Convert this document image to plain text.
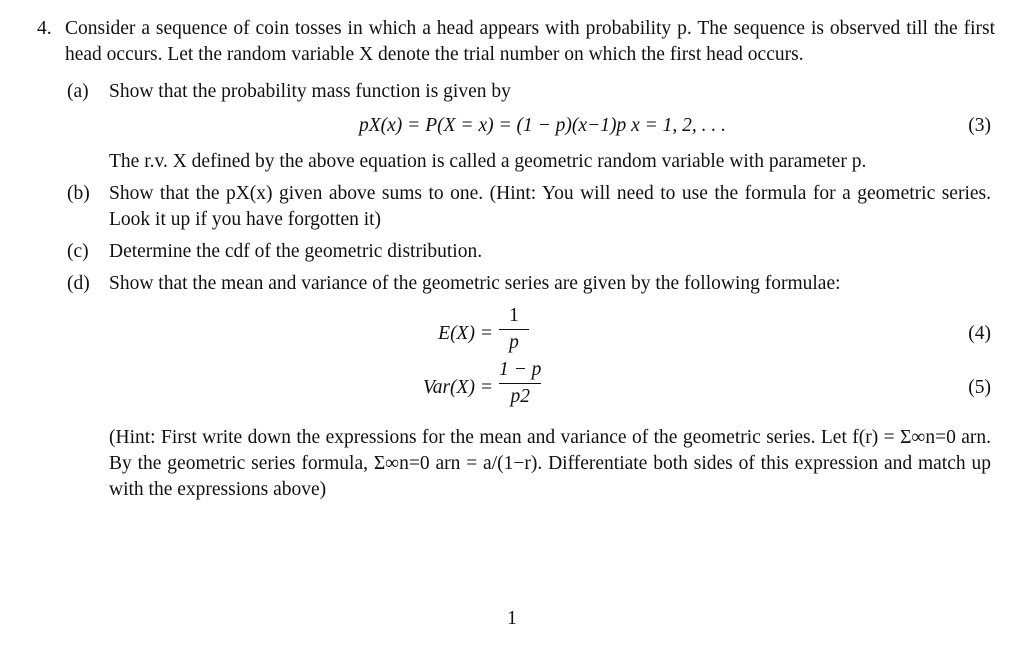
4. Consider a sequence of coin tosses in which a head appears with probability p. The sequence is observed till the first head occurs. Let the random variable X denote the trial number on which the first head occurs.
(a)	Show that the probability mass function is given by
pX(x) = P(X = x) = (1 − p)(x−1)p x = 1, 2, . . .	(3)
The r.v. X defined by the above equation is called a geometric random variable with parameter p.
(b) Show that the pX(x) given above sums to one. (Hint: You will need to use the formula for a geometric series. Look it up if you have forgotten it)
(c)	Determine the cdf of the geometric distribution.
(d) Show that the mean and variance of the geometric series are given by the following formulae:
E(X) =
1
p	(4)
Var(X) =
1 − p
p2	(5)
(Hint: First write down the expressions for the mean and variance of the geometric series. Let f(r) = Σ∞n=0 arn. By the geometric series formula, Σ∞n=0 arn = a/(1−r). Differentiate both sides of this expression and match up with the expressions above)
1
